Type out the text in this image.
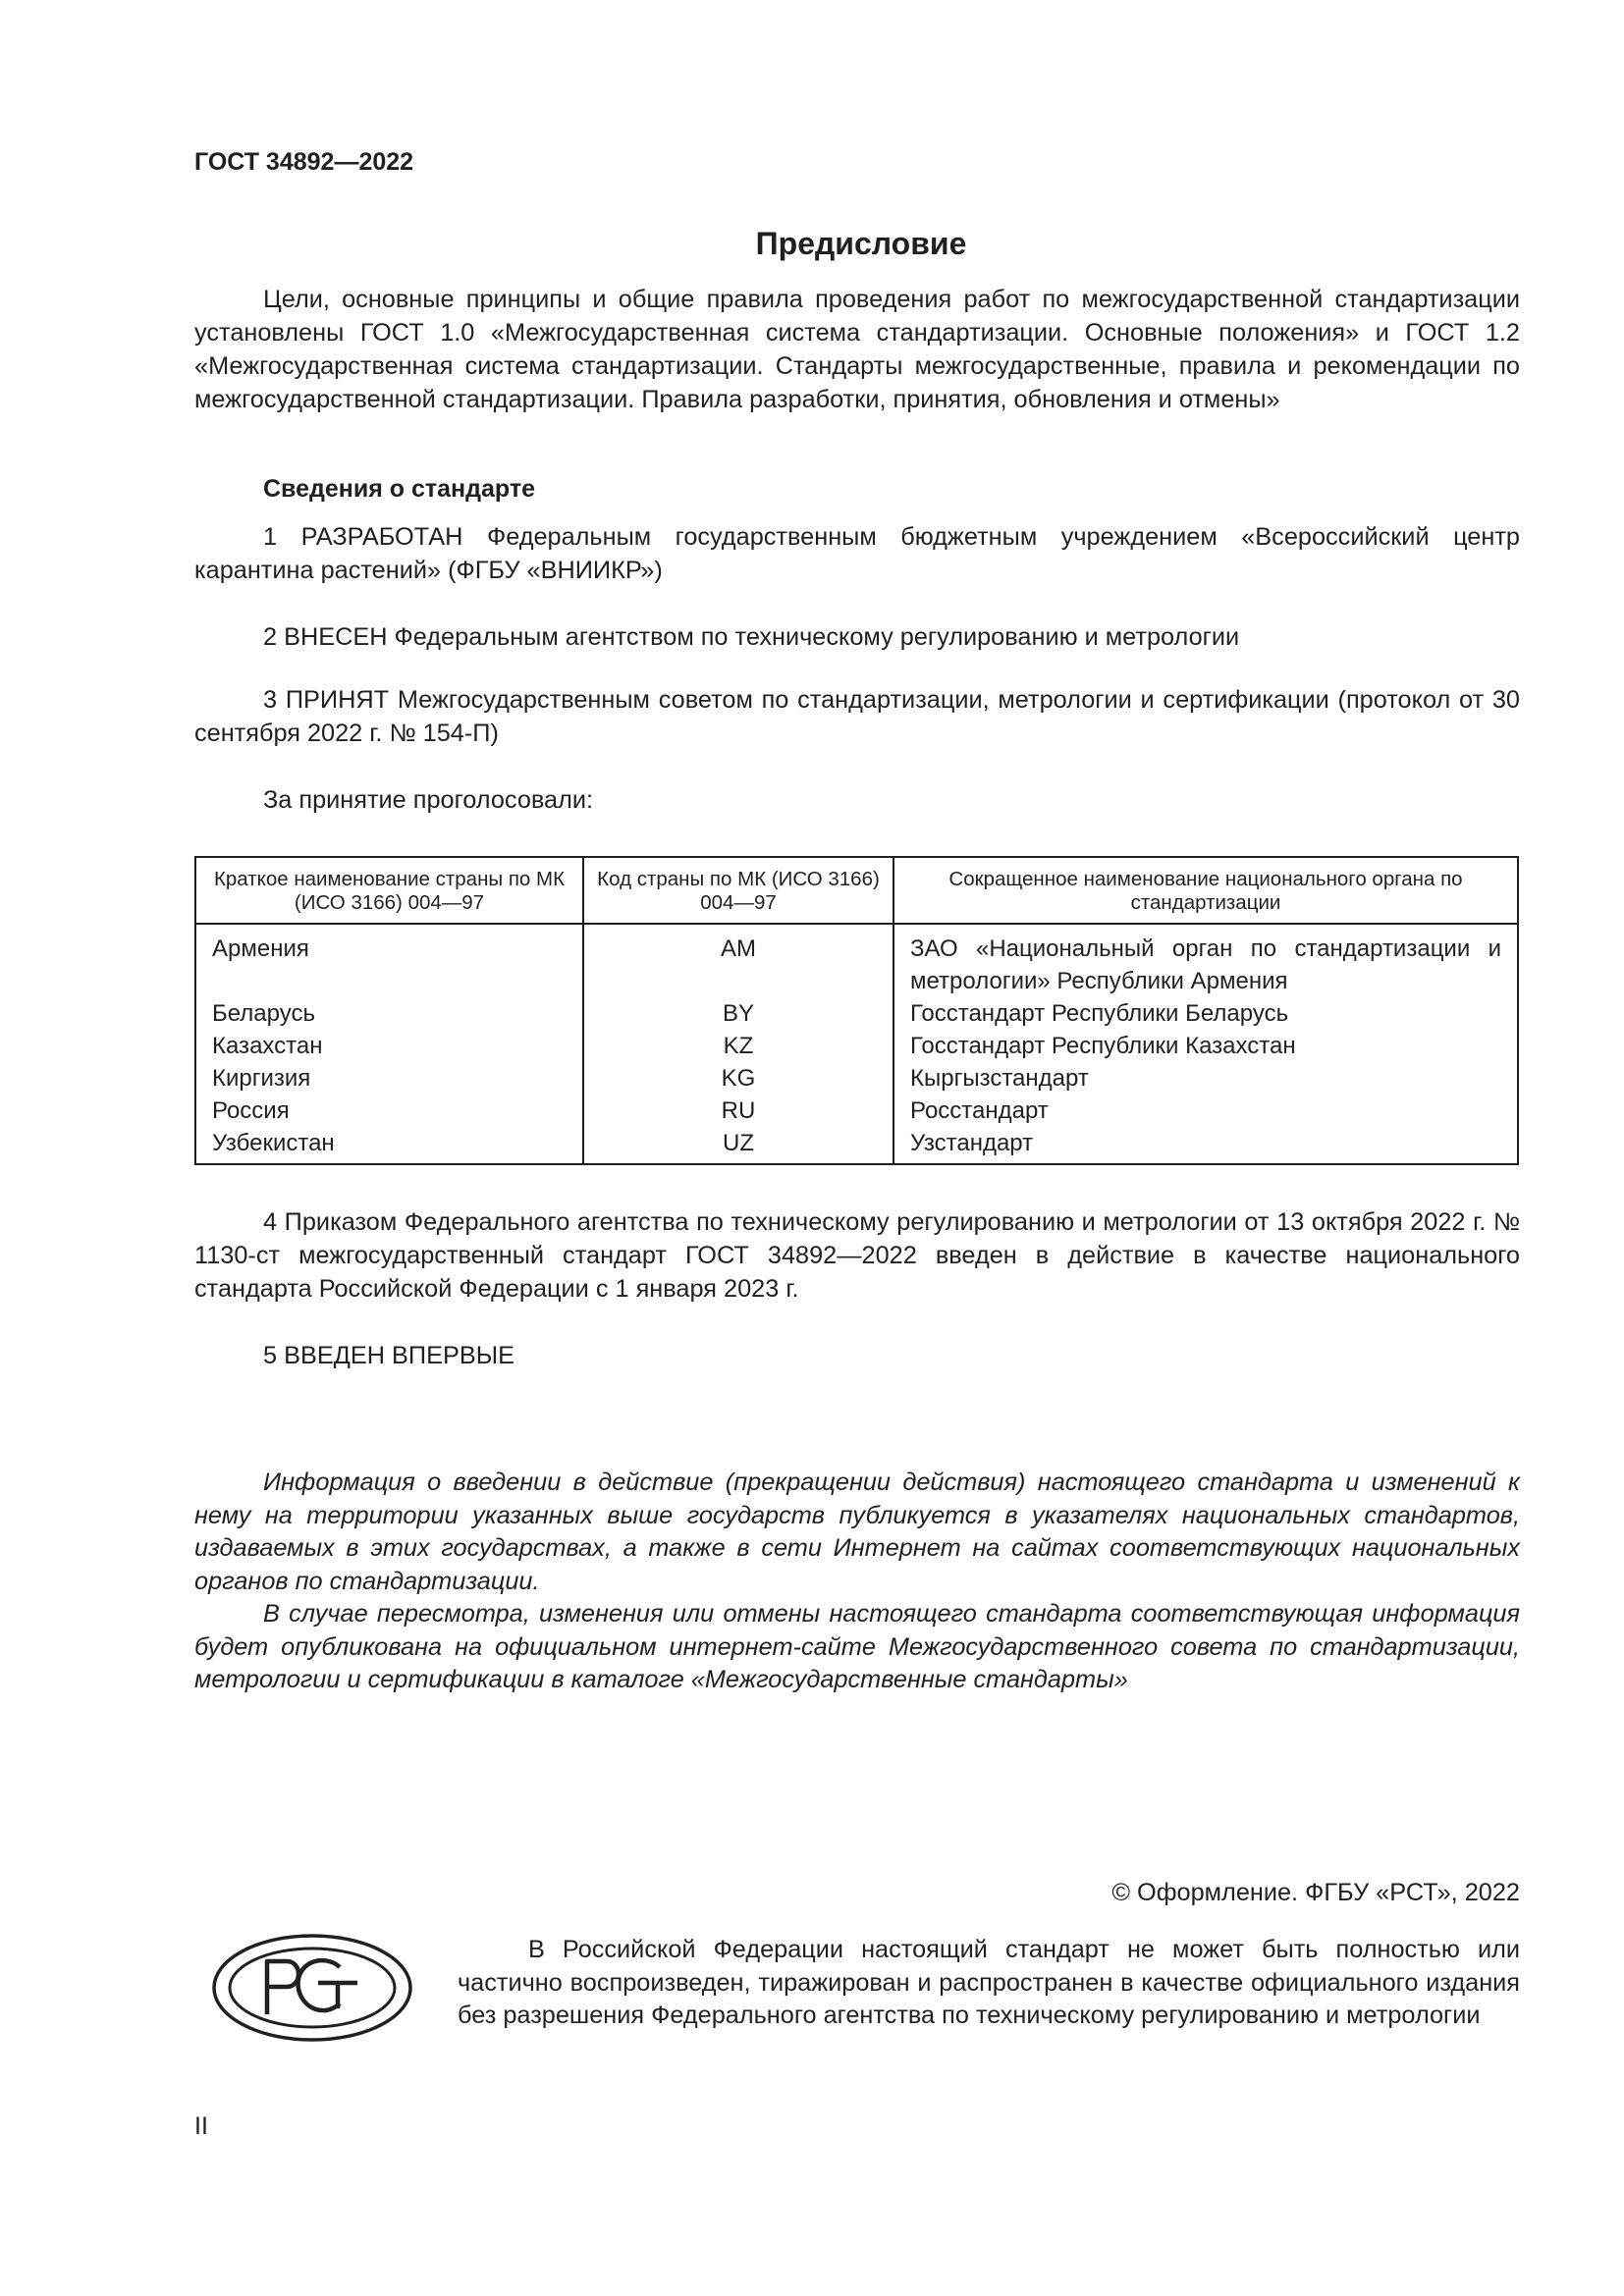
ГОСТ 34892—2022
Предисловие
Цели, основные принципы и общие правила проведения работ по межгосударственной стандартизации установлены ГОСТ 1.0 «Межгосударственная система стандартизации. Основные положения» и ГОСТ 1.2 «Межгосударственная система стандартизации. Стандарты межгосударственные, правила и рекомендации по межгосударственной стандартизации. Правила разработки, принятия, обновления и отмены»
Сведения о стандарте
1 РАЗРАБОТАН Федеральным государственным бюджетным учреждением «Всероссийский центр карантина растений» (ФГБУ «ВНИИКР»)
2 ВНЕСЕН Федеральным агентством по техническому регулированию и метрологии
3 ПРИНЯТ Межгосударственным советом по стандартизации, метрологии и сертификации (протокол от 30 сентября 2022 г. № 154-П)
За принятие проголосовали:
Краткое наименование страны по МК (ИСО 3166) 004—97	Код страны по МК (ИСО 3166) 004—97	Сокращенное наименование национального органа по стандартизации
Армения	AM	ЗАО «Национальный орган по стандартизации и метрологии» Республики Армения
Беларусь	BY	Госстандарт Республики Беларусь
Казахстан	KZ	Госстандарт Республики Казахстан
Киргизия	KG	Кыргызстандарт
Россия	RU	Росстандарт
Узбекистан	UZ	Узстандарт
4 Приказом Федерального агентства по техническому регулированию и метрологии от 13 октября 2022 г. № 1130-ст межгосударственный стандарт ГОСТ 34892—2022 введен в действие в качестве национального стандарта Российской Федерации с 1 января 2023 г.
5 ВВЕДЕН ВПЕРВЫЕ
Информация о введении в действие (прекращении действия) настоящего стандарта и изменений к нему на территории указанных выше государств публикуется в указателях национальных стандартов, издаваемых в этих государствах, а также в сети Интернет на сайтах соответствующих национальных органов по стандартизации.
В случае пересмотра, изменения или отмены настоящего стандарта соответствующая информация будет опубликована на официальном интернет-сайте Межгосударственного совета по стандартизации, метрологии и сертификации в каталоге «Межгосударственные стандарты»
© Оформление. ФГБУ «РСТ», 2022
В Российской Федерации настоящий стандарт не может быть полностью или частично воспроизведен, тиражирован и распространен в качестве официального издания без разрешения Федерального агентства по техническому регулированию и метрологии
II
